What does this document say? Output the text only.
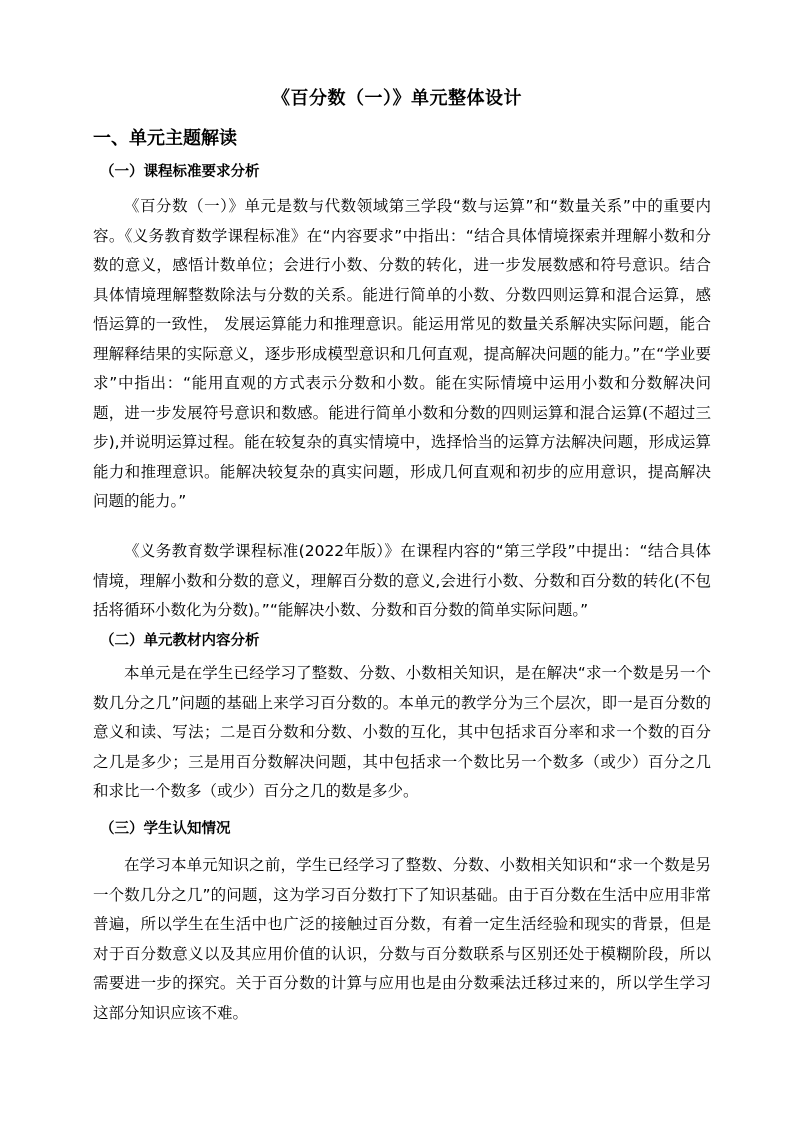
《百分数（一）》单元整体设计
一、单元主题解读
（一）课程标准要求分析

《百分数（一）》单元是数与代数领域第三学段“数与运算”和“数量关系”中的重要内容。《义务教育数学课程标准》在“内容要求”中指出：“结合具体情境探索并理解小数和分数的意义，感悟计数单位；会进行小数、分数的转化，进一步发展数感和符号意识。结合具体情境理解整数除法与分数的关系。能进行简单的小数、分数四则运算和混合运算，感悟运算的一致性， 发展运算能力和推理意识。能运用常见的数量关系解决实际问题，能合理解释结果的实际意义，逐步形成模型意识和几何直观，提高解决问题的能力。”在“学业要求”中指出：“能用直观的方式表示分数和小数。能在实际情境中运用小数和分数解决问题，进一步发展符号意识和数感。能进行简单小数和分数的四则运算和混合运算(不超过三步),并说明运算过程。能在较复杂的真实情境中，选择恰当的运算方法解决问题，形成运算能力和推理意识。能解决较复杂的真实问题，形成几何直观和初步的应用意识，提高解决问题的能力。”

《义务教育数学课程标准(2022年版）》在课程内容的“第三学段”中提出：“结合具体情境，理解小数和分数的意义，理解百分数的意义,会进行小数、分数和百分数的转化(不包括将循环小数化为分数)。”“能解决小数、分数和百分数的简单实际问题。”

（二）单元教材内容分析

本单元是在学生已经学习了整数、分数、小数相关知识，是在解决“求一个数是另一个数几分之几”问题的基础上来学习百分数的。本单元的教学分为三个层次，即一是百分数的意义和读、写法；二是百分数和分数、小数的互化，其中包括求百分率和求一个数的百分之几是多少；三是用百分数解决问题，其中包括求一个数比另一个数多（或少）百分之几和求比一个数多（或少）百分之几的数是多少。

（三）学生认知情况

在学习本单元知识之前，学生已经学习了整数、分数、小数相关知识和“求一个数是另一个数几分之几”的问题，这为学习百分数打下了知识基础。由于百分数在生活中应用非常普遍，所以学生在生活中也广泛的接触过百分数，有着一定生活经验和现实的背景，但是对于百分数意义以及其应用价值的认识，分数与百分数联系与区别还处于模糊阶段，所以需要进一步的探究。关于百分数的计算与应用也是由分数乘法迁移过来的，所以学生学习这部分知识应该不难。
